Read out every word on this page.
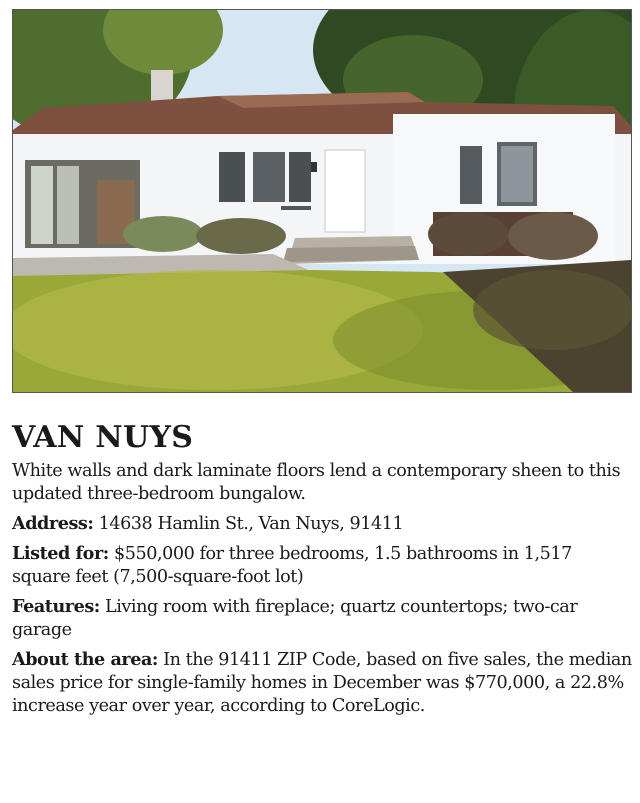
VAN NUYS

White walls and dark laminate floors lend a contemporary sheen to this updated three-bedroom bungalow.

Address: 14638 Hamlin St., Van Nuys, 91411

Listed for: $550,000 for three bedrooms, 1.5 bathrooms in 1,517 square feet (7,500-square-foot lot)

Features: Living room with fireplace; quartz countertops; two-car garage

About the area: In the 91411 ZIP Code, based on five sales, the median sales price for single-family homes in December was $770,000, a 22.8% increase year over year, according to CoreLogic.
